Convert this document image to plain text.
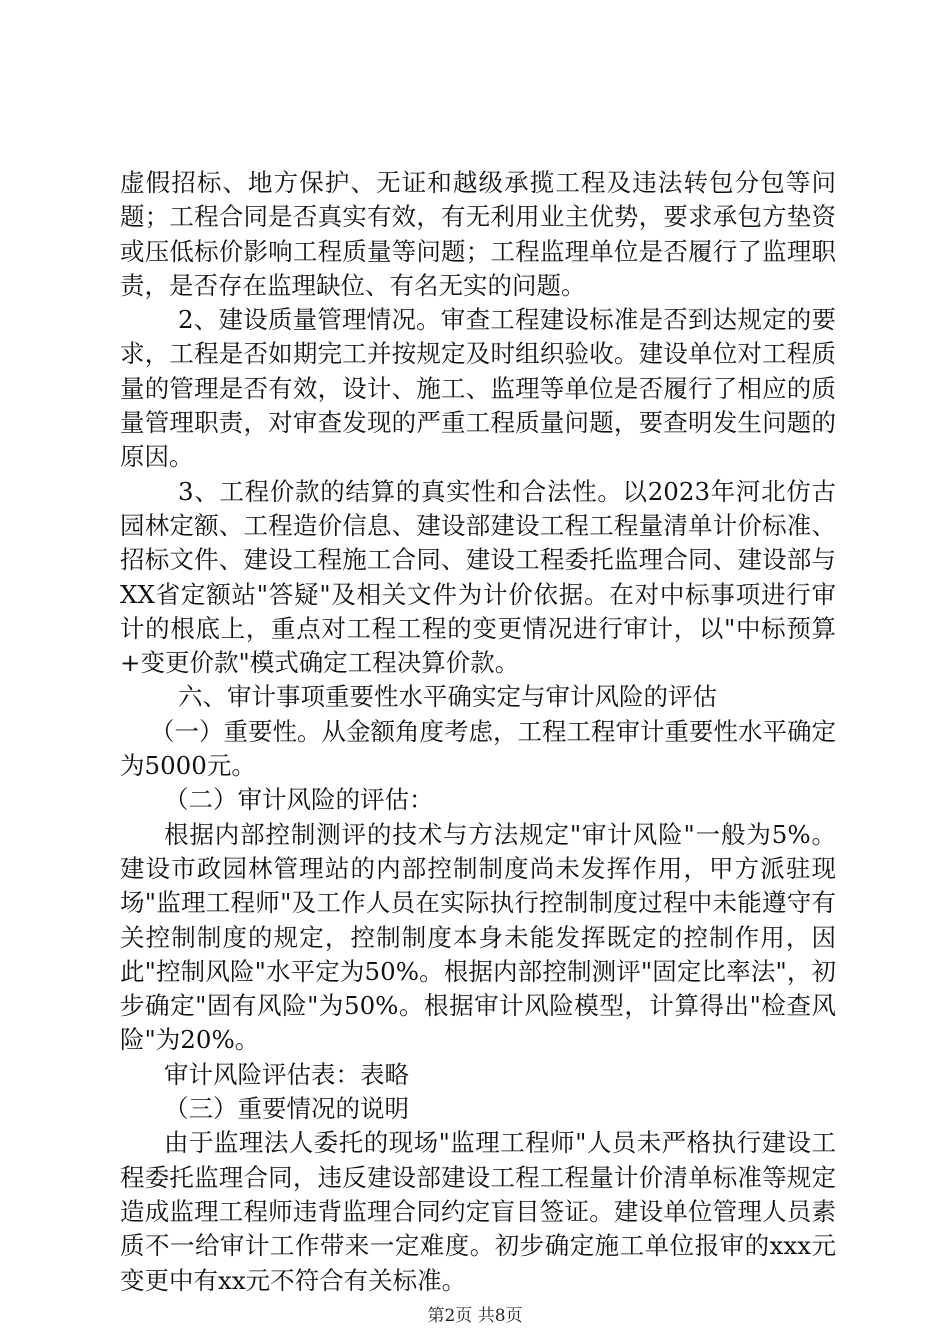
虚假招标、地方保护、无证和越级承揽工程及违法转包分包等问题；工程合同是否真实有效，有无利用业主优势，要求承包方垫资或压低标价影响工程质量等问题；工程监理单位是否履行了监理职责，是否存在监理缺位、有名无实的问题。

2、建设质量管理情况。审查工程建设标准是否到达规定的要求，工程是否如期完工并按规定及时组织验收。建设单位对工程质量的管理是否有效，设计、施工、监理等单位是否履行了相应的质量管理职责，对审查发现的严重工程质量问题，要查明发生问题的原因。

3、工程价款的结算的真实性和合法性。以2023年河北仿古园林定额、工程造价信息、建设部建设工程工程量清单计价标准、招标文件、建设工程施工合同、建设工程委托监理合同、建设部与XX省定额站"答疑"及相关文件为计价依据。在对中标事项进行审计的根底上，重点对工程工程的变更情况进行审计，以"中标预算+变更价款"模式确定工程决算价款。

六、审计事项重要性水平确实定与审计风险的评估

（一）重要性。从金额角度考虑，工程工程审计重要性水平确定为5000元。

（二）审计风险的评估：

根据内部控制测评的技术与方法规定"审计风险"一般为5%。建设市政园林管理站的内部控制制度尚未发挥作用，甲方派驻现场"监理工程师"及工作人员在实际执行控制制度过程中未能遵守有关控制制度的规定，控制制度本身未能发挥既定的控制作用，因此"控制风险"水平定为50%。根据内部控制测评"固定比率法"，初步确定"固有风险"为50%。根据审计风险模型，计算得出"检查风险"为20%。

审计风险评估表：表略

（三）重要情况的说明

由于监理法人委托的现场"监理工程师"人员未严格执行建设工程委托监理合同，违反建设部建设工程工程量计价清单标准等规定造成监理工程师违背监理合同约定盲目签证。建设单位管理人员素质不一给审计工作带来一定难度。初步确定施工单位报审的xxx元变更中有xx元不符合有关标准。

第2页 共8页
